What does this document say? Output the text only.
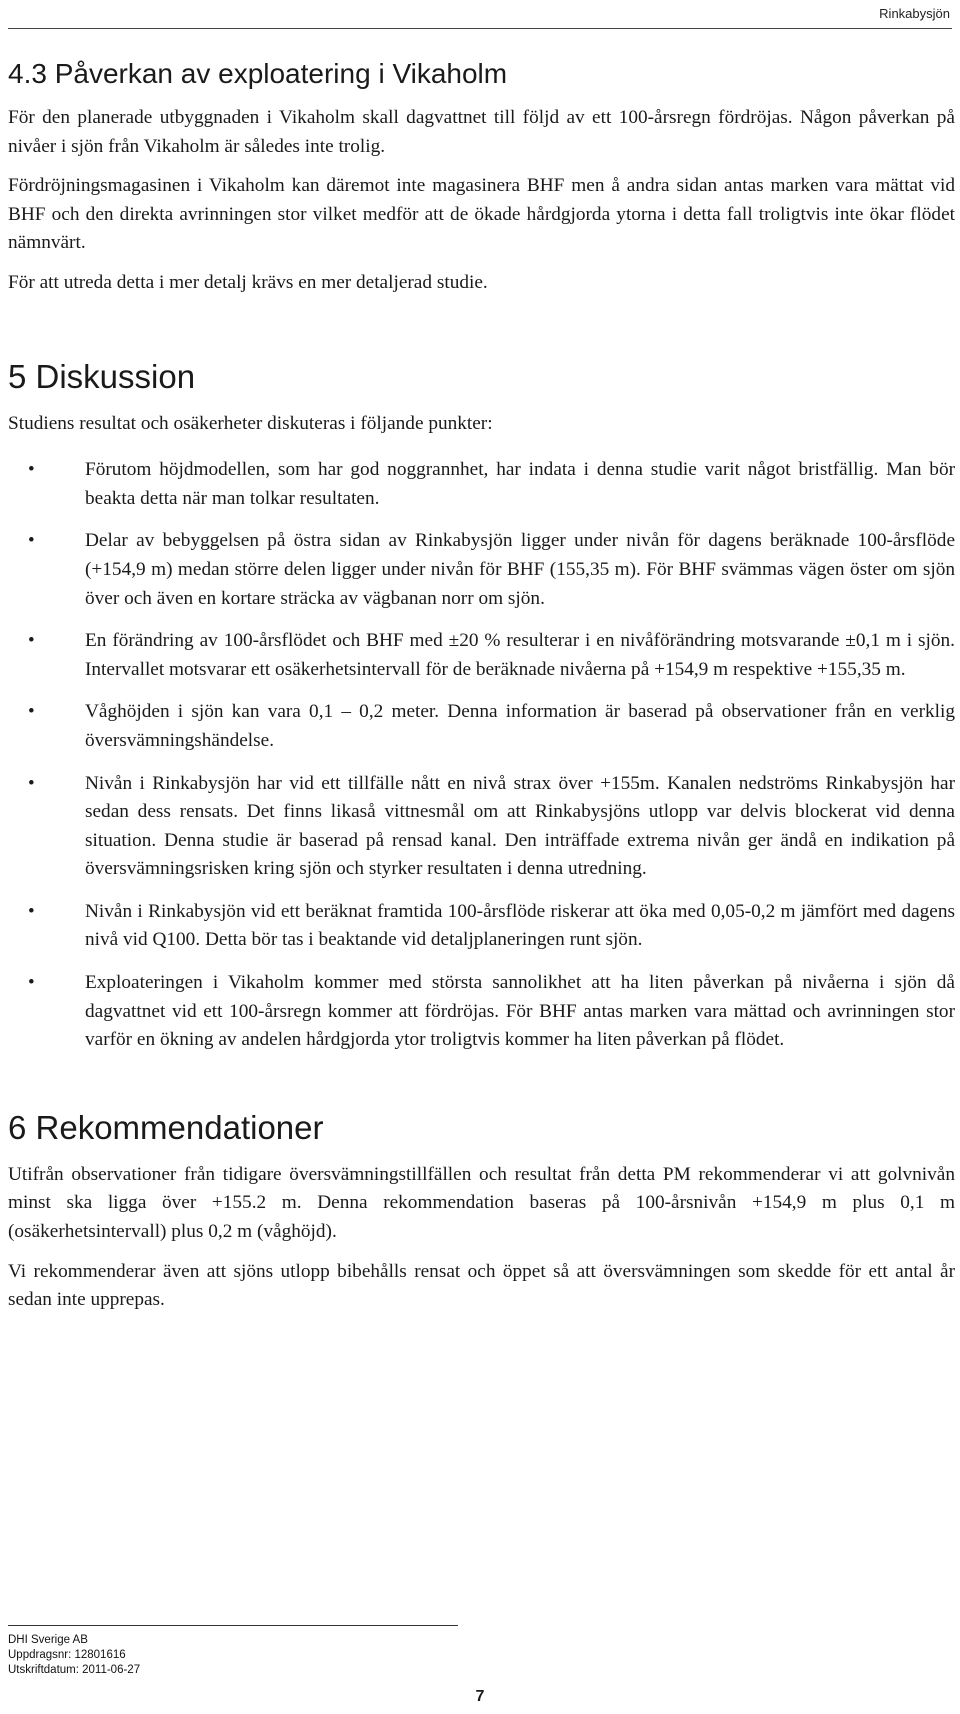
Rinkabysjön
4.3 Påverkan av exploatering i Vikaholm

För den planerade utbyggnaden i Vikaholm skall dagvattnet till följd av ett 100-årsregn fördröjas. Någon påverkan på nivåer i sjön från Vikaholm är således inte trolig.

Fördröjningsmagasinen i Vikaholm kan däremot inte magasinera BHF men å andra sidan antas marken vara mättat vid BHF och den direkta avrinningen stor vilket medför att de ökade hårdgjorda ytorna i detta fall troligtvis inte ökar flödet nämnvärt.

För att utreda detta i mer detalj krävs en mer detaljerad studie.

5 Diskussion

Studiens resultat och osäkerheter diskuteras i följande punkter:

•	Förutom höjdmodellen, som har god noggrannhet, har indata i denna studie varit något bristfällig. Man bör beakta detta när man tolkar resultaten.
•	Delar av bebyggelsen på östra sidan av Rinkabysjön ligger under nivån för dagens beräknade 100-årsflöde (+154,9 m) medan större delen ligger under nivån för BHF (155,35 m). För BHF svämmas vägen öster om sjön över och även en kortare sträcka av vägbanan norr om sjön.
•	En förändring av 100-årsflödet och BHF med ±20 % resulterar i en nivåförändring motsvarande ±0,1 m i sjön. Intervallet motsvarar ett osäkerhetsintervall för de beräknade nivåerna på +154,9 m respektive +155,35 m.
•	Våghöjden i sjön kan vara 0,1 – 0,2 meter. Denna information är baserad på observationer från en verklig översvämningshändelse.
•	Nivån i Rinkabysjön har vid ett tillfälle nått en nivå strax över +155m. Kanalen nedströms Rinkabysjön har sedan dess rensats. Det finns likaså vittnesmål om att Rinkabysjöns utlopp var delvis blockerat vid denna situation. Denna studie är baserad på rensad kanal. Den inträffade extrema nivån ger ändå en indikation på översvämningsrisken kring sjön och styrker resultaten i denna utredning.
•	Nivån i Rinkabysjön vid ett beräknat framtida 100-årsflöde riskerar att öka med 0,05-0,2 m jämfört med dagens nivå vid Q100. Detta bör tas i beaktande vid detaljplaneringen runt sjön.
•	Exploateringen i Vikaholm kommer med största sannolikhet att ha liten påverkan på nivåerna i sjön då dagvattnet vid ett 100-årsregn kommer att fördröjas. För BHF antas marken vara mättad och avrinningen stor varför en ökning av andelen hårdgjorda ytor troligtvis kommer ha liten påverkan på flödet.
6 Rekommendationer

Utifrån observationer från tidigare översvämningstillfällen och resultat från detta PM rekommenderar vi att golvnivån minst ska ligga över +155.2 m. Denna rekommendation baseras på 100-årsnivån +154,9 m plus 0,1 m (osäkerhetsintervall) plus 0,2 m (våghöjd).

Vi rekommenderar även att sjöns utlopp bibehålls rensat och öppet så att översvämningen som skedde för ett antal år sedan inte upprepas.

DHI Sverige AB
Uppdragsnr: 12801616
Utskriftdatum: 2011-06-27
7
